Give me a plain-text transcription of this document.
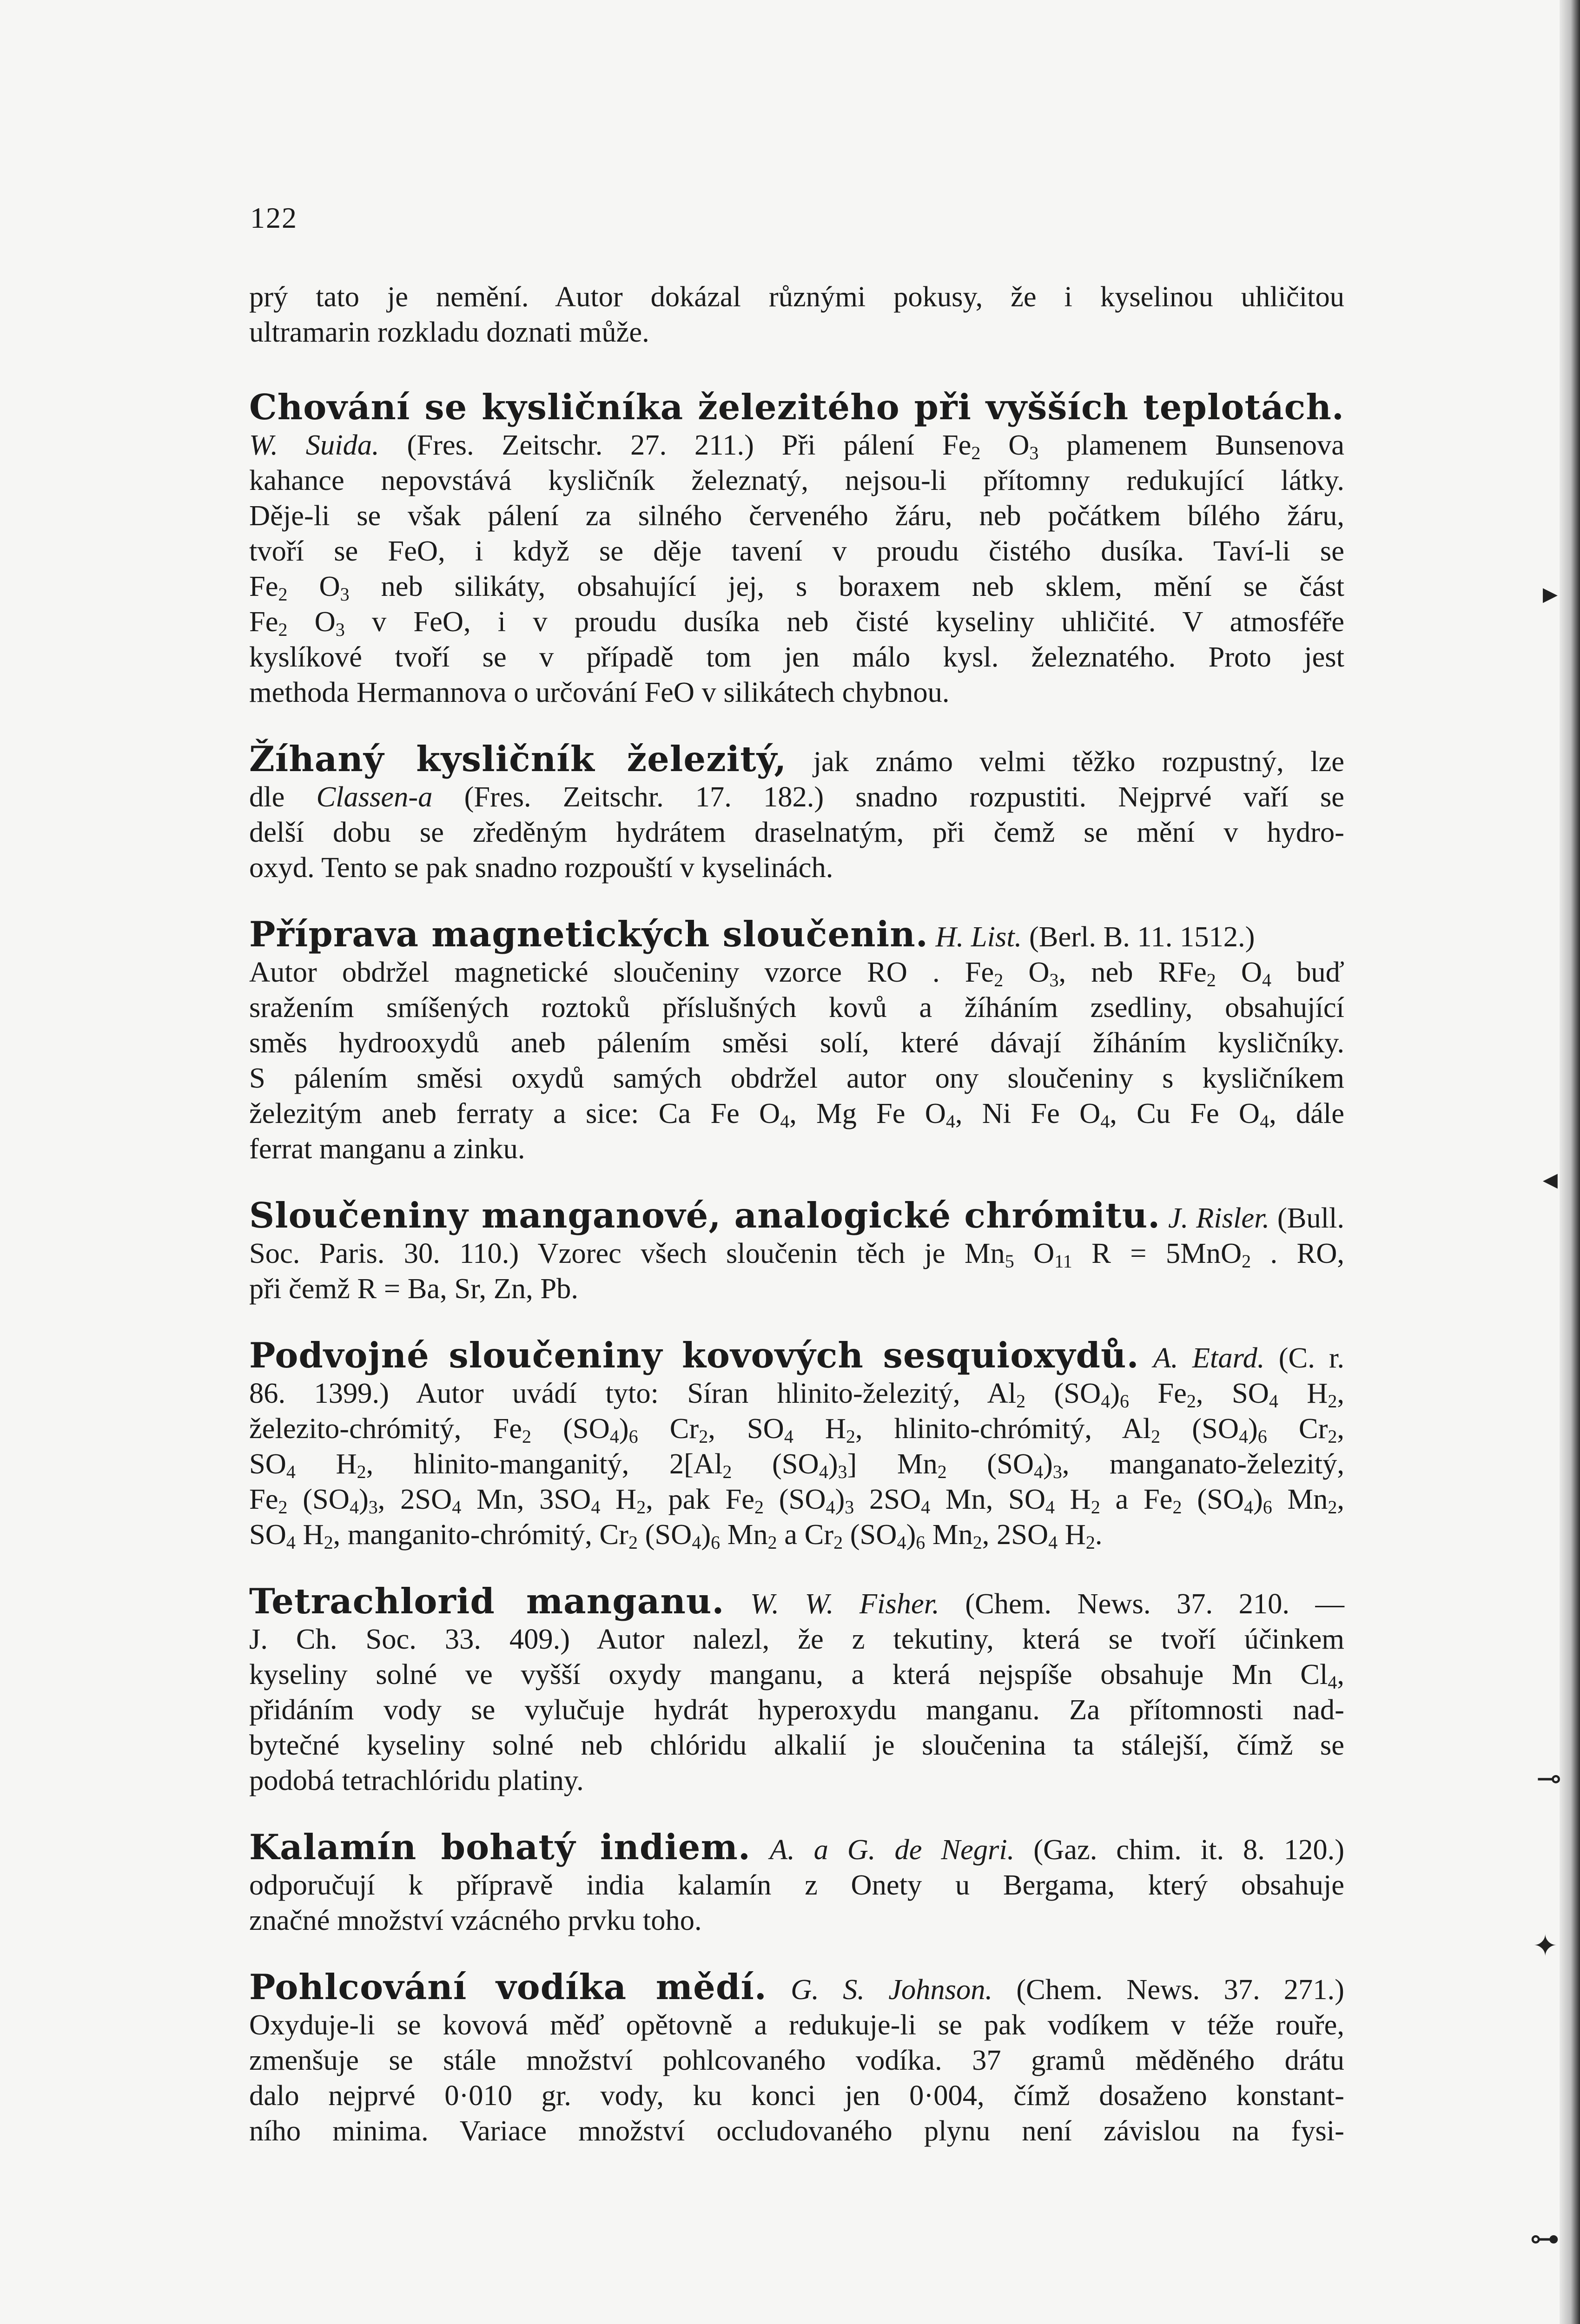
▸
◂
⊸
✦
⊶
122

prý tato je nemění. Autor dokázal různými pokusy, že i kyselinou uhličitou

ultramarin rozkladu doznati může.

Chování se kysličníka železitého při vyšších teplotách.

W. Suida. (Fres. Zeitschr. 27. 211.) Při pálení $Fe_2$ $O_3$ plamenem Bunsenova

kahance nepovstává kysličník železnatý, nejsou-li přítomny redukující látky.

Děje-li se však pálení za silného červeného žáru, neb počátkem bílého žáru,

tvoří se FeO, i když se děje tavení v proudu čistého dusíka. Taví-li se

$Fe_2$ $O_3$ neb silikáty, obsahující jej, s boraxem neb sklem, mění se část

$Fe_2$ $O_3$ v FeO, i v proudu dusíka neb čisté kyseliny uhličité. V atmosféře

kyslíkové tvoří se v případě tom jen málo kysl. železnatého. Proto jest

methoda Hermannova o určování FeO v silikátech chybnou.

Žíhaný kysličník železitý, jak známo velmi těžko rozpustný, lze

dle Classen-a (Fres. Zeitschr. 17. 182.) snadno rozpustiti. Nejprvé vaří se

delší dobu se zředěným hydrátem draselnatým, při čemž se mění v hydro-

oxyd. Tento se pak snadno rozpouští v kyselinách.

Příprava magnetických sloučenin. H. List. (Berl. B. 11. 1512.)

Autor obdržel magnetické sloučeniny vzorce RO . $Fe_2$ $O_3$, neb RFe$_2$ $O_4$ buď

sražením smíšených roztoků příslušných kovů a žíháním zsedliny, obsahující

směs hydrooxydů aneb pálením směsi solí, které dávají žíháním kysličníky.

S pálením směsi oxydů samých obdržel autor ony sloučeniny s kysličníkem

železitým aneb ferraty a sice: Ca Fe $O_4$, Mg Fe $O_4$, Ni Fe $O_4$, Cu Fe $O_4$, dále

ferrat manganu a zinku.

Sloučeniny manganové, analogické chrómitu. J. Risler. (Bull.

Soc. Paris. 30. 110.) Vzorec všech sloučenin těch je $Mn_5$ $O_{11}$ R = 5MnO$_2$ . RO,

při čemž R = Ba, Sr, Zn, Pb.

Podvojné sloučeniny kovových sesquioxydů. A. Etard. (C. r.

86. 1399.) Autor uvádí tyto: Síran hlinito-železitý, $Al_2$ $(SO_4)_6$ $Fe_2$, $SO_4$ $H_2$,

železito-chrómitý, $Fe_2$ $(SO_4)_6$ $Cr_2$, $SO_4$ $H_2$, hlinito-chrómitý, $Al_2$ $(SO_4)_6$ $Cr_2$,

$SO_4$ $H_2$, hlinito-manganitý, $2[Al_2$ $(SO_4)_3$] $Mn_2$ $(SO_4)_3$, manganato-železitý,

$Fe_2$ $(SO_4)_3$, $2SO_4$ Mn, $3SO_4$ $H_2$, pak $Fe_2$ $(SO_4)_3$ $2SO_4$ Mn, $SO_4$ $H_2$ a $Fe_2$ $(SO_4)_6$ $Mn_2$,

$SO_4$ $H_2$, manganito-chrómitý, $Cr_2$ $(SO_4)_6$ $Mn_2$ a $Cr_2$ $(SO_4)_6$ $Mn_2$, $2SO_4$ $H_2$.

Tetrachlorid manganu. W. W. Fisher. (Chem. News. 37. 210. —

J. Ch. Soc. 33. 409.) Autor nalezl, že z tekutiny, která se tvoří účinkem

kyseliny solné ve vyšší oxydy manganu, a která nejspíše obsahuje Mn $Cl_4$,

přidáním vody se vylučuje hydrát hyperoxydu manganu. Za přítomnosti nad-

bytečné kyseliny solné neb chlóridu alkalií je sloučenina ta stálejší, čímž se

podobá tetrachlóridu platiny.

Kalamín bohatý indiem. A. a G. de Negri. (Gaz. chim. it. 8. 120.)

odporučují k přípravě india kalamín z Onety u Bergama, který obsahuje

značné množství vzácného prvku toho.

Pohlcování vodíka mědí. G. S. Johnson. (Chem. News. 37. 271.)

Oxyduje-li se kovová měď opětovně a redukuje-li se pak vodíkem v téže rouře,

zmenšuje se stále množství pohlcovaného vodíka. 37 gramů měděného drátu

dalo nejprvé 0·010 gr. vody, ku konci jen 0·004, čímž dosaženo konstant-

ního minima. Variace množství occludovaného plynu není závislou na fysi-
